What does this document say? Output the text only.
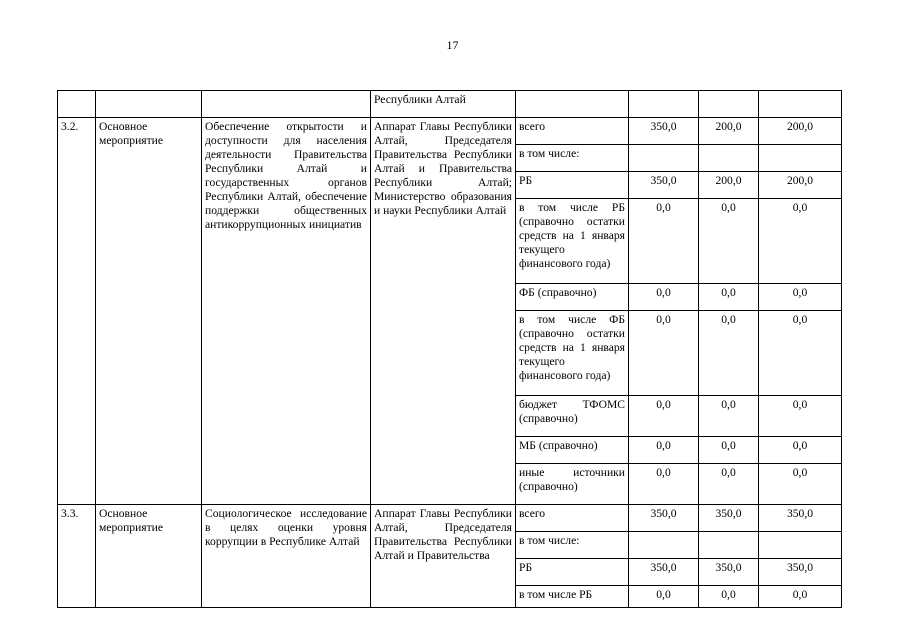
17
			Республики Алтай				
3.2.	Основное мероприятие	Обеспечение открытости и доступности для населения деятельности Правительства Республики Алтай и государственных органов Республики Алтай, обеспечение поддержки общественных антикоррупционных инициатив	Аппарат Главы Республики Алтай, Председателя Правительства Республики Алтай и Правительства Республики Алтай; Министерство образования и науки Республики Алтай	всего	350,0	200,0	200,0
				в том числе:			
				РБ	350,0	200,0	200,0
				в том числе РБ (справочно остатки средств на 1 января текущего финансового года)	0,0	0,0	0,0
				ФБ (справочно)	0,0	0,0	0,0
				в том числе ФБ (справочно остатки средств на 1 января текущего финансового года)	0,0	0,0	0,0
				бюджет ТФОМС (справочно)	0,0	0,0	0,0
				МБ (справочно)	0,0	0,0	0,0
				иные источники (справочно)	0,0	0,0	0,0
3.3.	Основное мероприятие	Социологическое исследование в целях оценки уровня коррупции в Республике Алтай	Аппарат Главы Республики Алтай, Председателя Правительства Республики Алтай и Правительства	всего	350,0	350,0	350,0
				в том числе:			
				РБ	350,0	350,0	350,0
				в том числе РБ	0,0	0,0	0,0
